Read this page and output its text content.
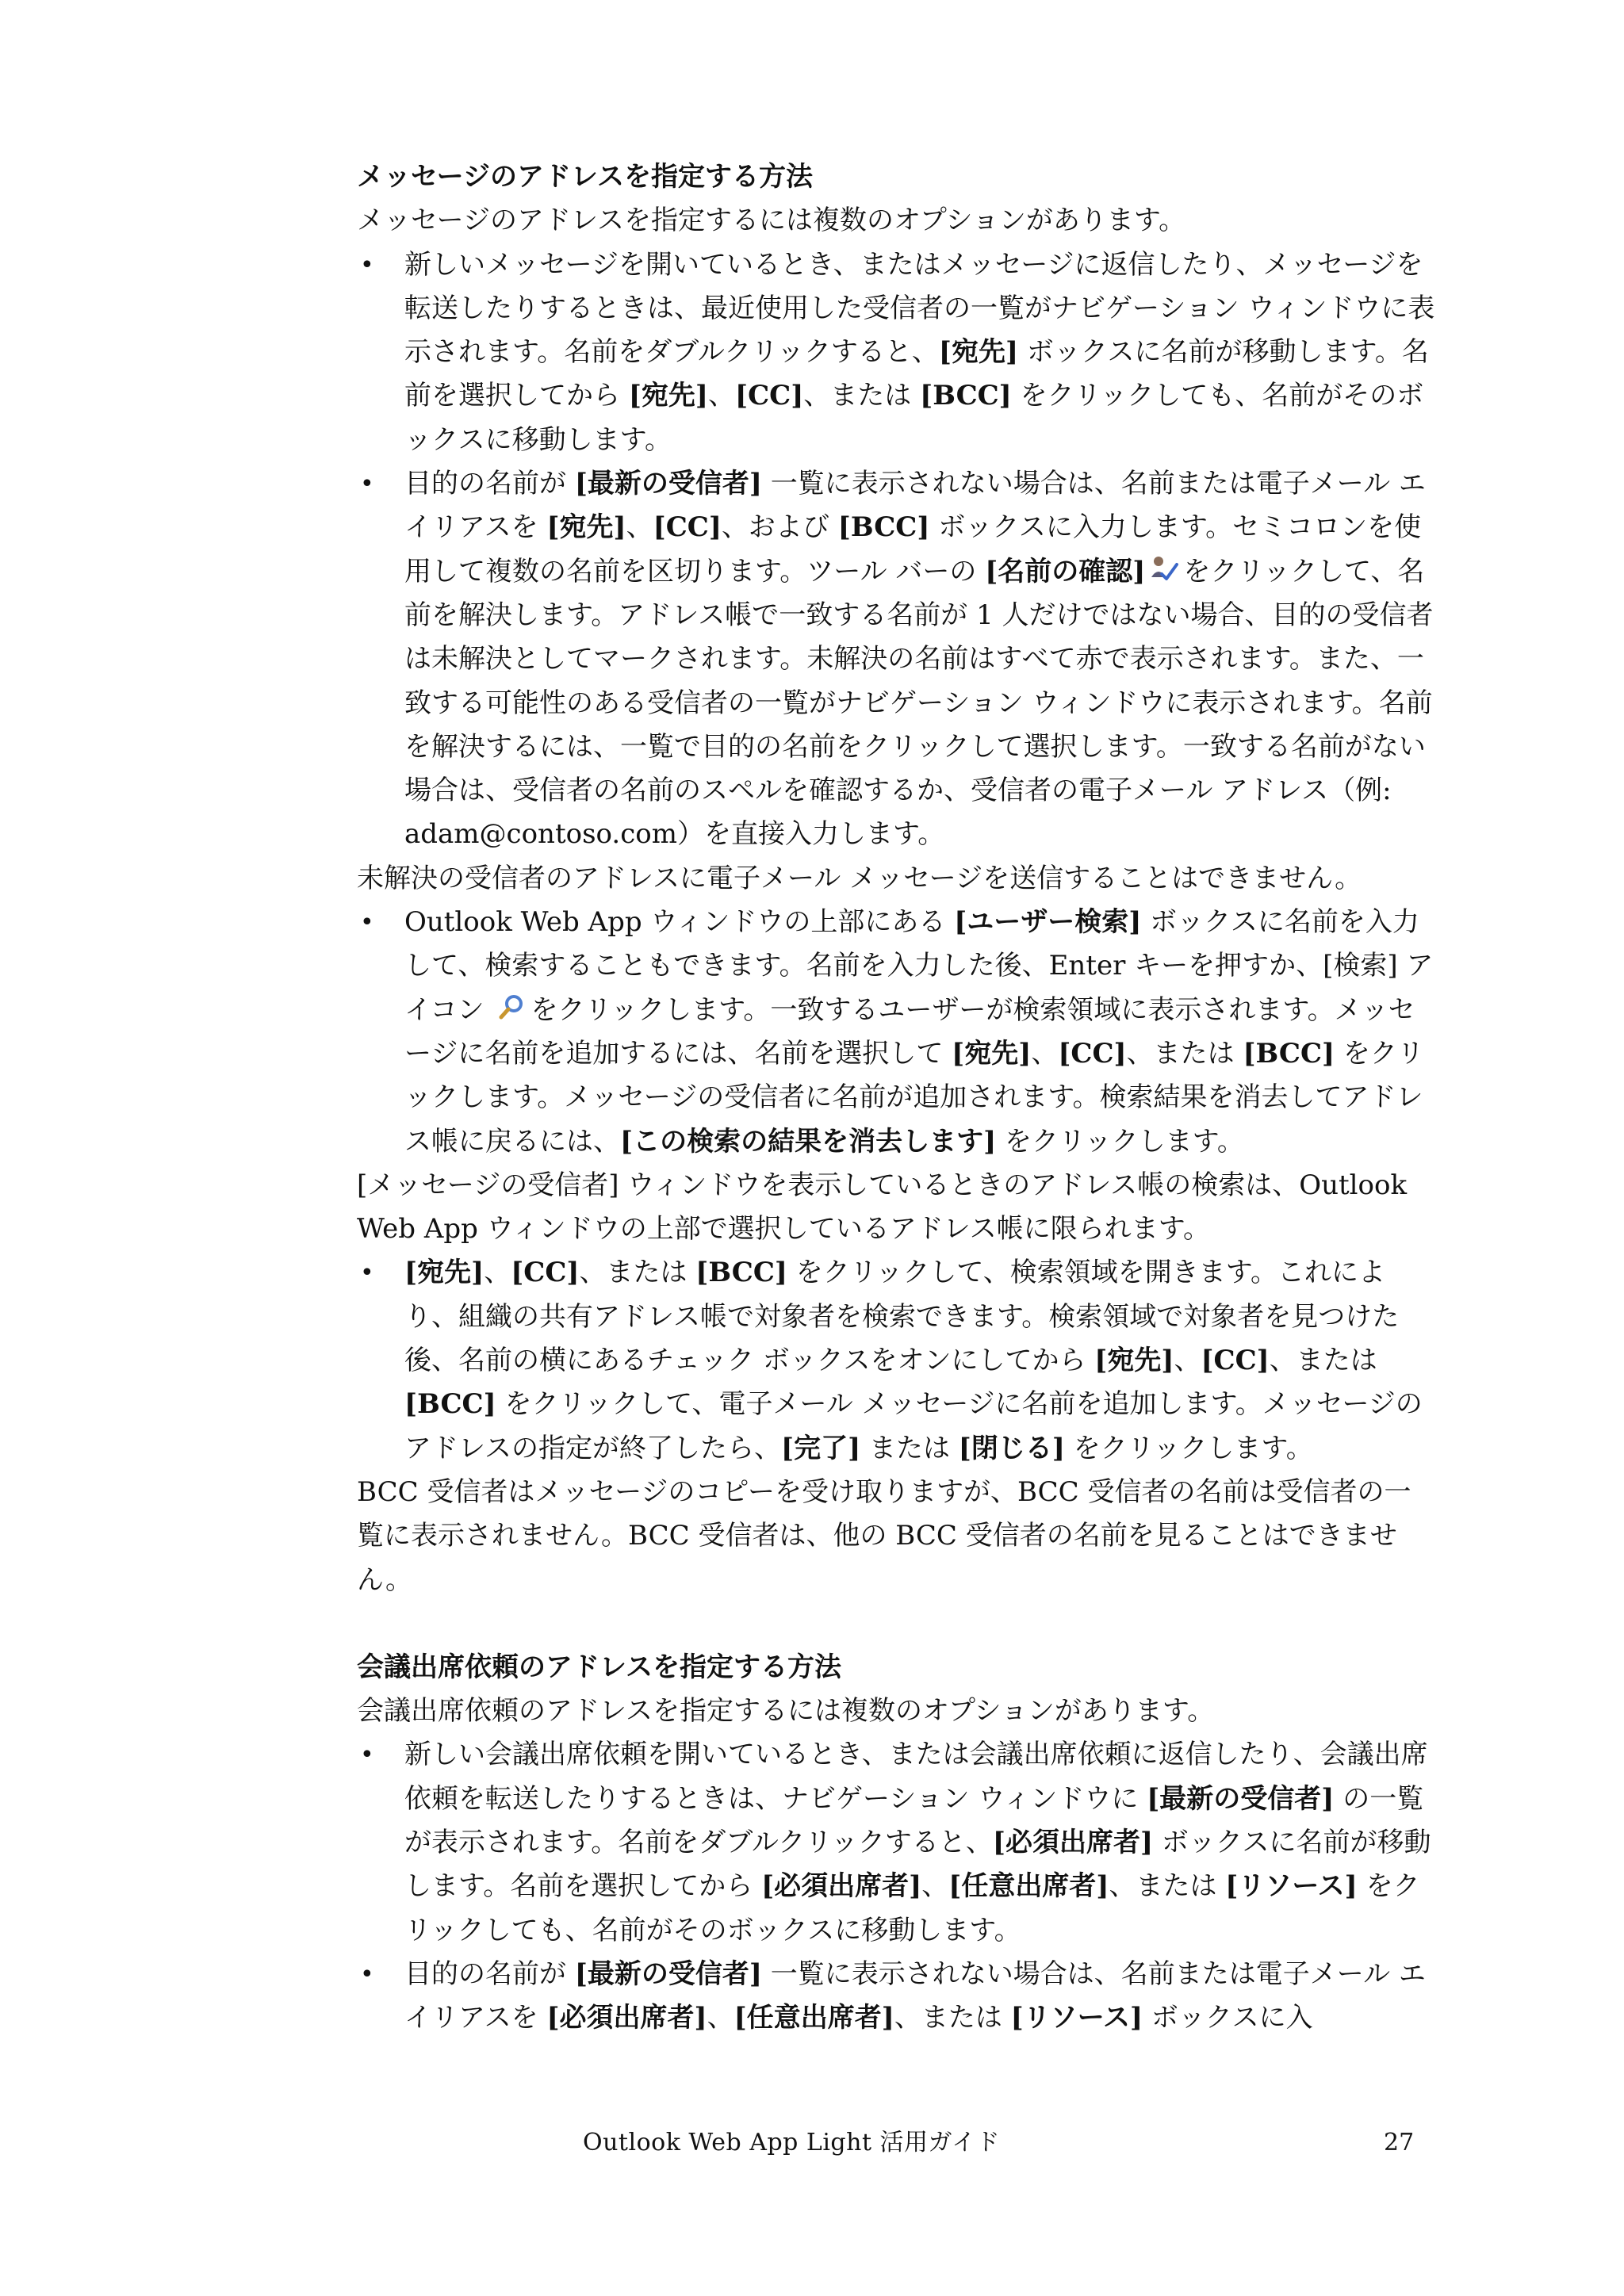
メッセージのアドレスを指定する方法

メッセージのアドレスを指定するには複数のオプションがあります。

• 新しいメッセージを開いているとき、またはメッセージに返信したり、メッセージを転送したりするときは、最近使用した受信者の一覧がナビゲーション ウィンドウに表示されます。名前をダブルクリックすると、[宛先] ボックスに名前が移動します。名前を選択してから [宛先]、[CC]、または [BCC] をクリックしても、名前がそのボックスに移動します。
• 目的の名前が [最新の受信者] 一覧に表示されない場合は、名前または電子メール エイリアスを [宛先]、[CC]、および [BCC] ボックスに入力します。セミコロンを使用して複数の名前を区切ります。ツール バーの [名前の確認] をクリックして、名前を解決します。アドレス帳で一致する名前が 1 人だけではない場合、目的の受信者は未解決としてマークされます。未解決の名前はすべて赤で表示されます。また、一致する可能性のある受信者の一覧がナビゲーション ウィンドウに表示されます。名前を解決するには、一覧で目的の名前をクリックして選択します。一致する名前がない場合は、受信者の名前のスペルを確認するか、受信者の電子メール アドレス（例: adam@contoso.com）を直接入力します。

未解決の受信者のアドレスに電子メール メッセージを送信することはできません。

• Outlook Web App ウィンドウの上部にある [ユーザー検索] ボックスに名前を入力して、検索することもできます。名前を入力した後、Enter キーを押すか、[検索] アイコン をクリックします。一致するユーザーが検索領域に表示されます。メッセージに名前を追加するには、名前を選択して [宛先]、[CC]、または [BCC] をクリックします。メッセージの受信者に名前が追加されます。検索結果を消去してアドレス帳に戻るには、[この検索の結果を消去します] をクリックします。

[メッセージの受信者] ウィンドウを表示しているときのアドレス帳の検索は、Outlook Web App ウィンドウの上部で選択しているアドレス帳に限られます。

• [宛先]、[CC]、または [BCC] をクリックして、検索領域を開きます。これにより、組織の共有アドレス帳で対象者を検索できます。検索領域で対象者を見つけた後、名前の横にあるチェック ボックスをオンにしてから [宛先]、[CC]、または [BCC] をクリックして、電子メール メッセージに名前を追加します。メッセージのアドレスの指定が終了したら、[完了] または [閉じる] をクリックします。

BCC 受信者はメッセージのコピーを受け取りますが、BCC 受信者の名前は受信者の一覧に表示されません。BCC 受信者は、他の BCC 受信者の名前を見ることはできません。

会議出席依頼のアドレスを指定する方法

会議出席依頼のアドレスを指定するには複数のオプションがあります。

• 新しい会議出席依頼を開いているとき、または会議出席依頼に返信したり、会議出席依頼を転送したりするときは、ナビゲーション ウィンドウに [最新の受信者] の一覧が表示されます。名前をダブルクリックすると、[必須出席者] ボックスに名前が移動します。名前を選択してから [必須出席者]、[任意出席者]、または [リソース] をクリックしても、名前がそのボックスに移動します。
• 目的の名前が [最新の受信者] 一覧に表示されない場合は、名前または電子メール エイリアスを [必須出席者]、[任意出席者]、または [リソース] ボックスに入
Outlook Web App Light 活用ガイド	27
